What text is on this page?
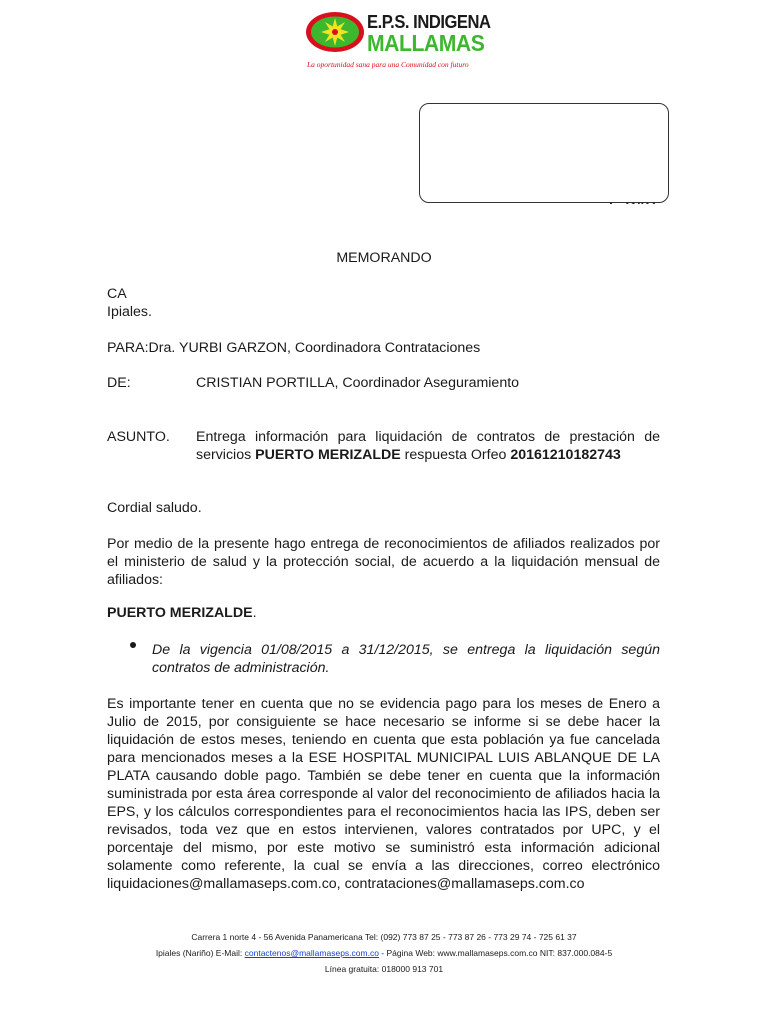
E.P.S. INDIGENA
MALLAMAS
La oportunidad sana para una Comunidad con futuro
MEMORANDO
CA
Ipiales.
PARA:Dra. YURBI GARZON, Coordinadora Contrataciones
DE:	CRISTIAN PORTILLA, Coordinador Aseguramiento
ASUNTO. Entrega información para liquidación de contratos de prestación de
servicios PUERTO MERIZALDE respuesta Orfeo 20161210182743
Cordial saludo.
Por medio de la presente hago entrega de reconocimientos de afiliados realizados por el ministerio de salud y la protección social, de acuerdo a la liquidación mensual de afiliados:
PUERTO MERIZALDE.
De la vigencia 01/08/2015 a 31/12/2015, se entrega la liquidación según contratos de administración.
Es importante tener en cuenta que no se evidencia pago para los meses de Enero a Julio de 2015, por consiguiente se hace necesario se informe si se debe hacer la liquidación de estos meses, teniendo en cuenta que esta población ya fue cancelada para mencionados meses a la ESE HOSPITAL MUNICIPAL LUIS ABLANQUE DE LA PLATA causando doble pago. También se debe tener en cuenta que la información suministrada por esta área corresponde al valor del reconocimiento de afiliados hacia la EPS, y los cálculos correspondientes para el reconocimientos hacia las IPS, deben ser revisados, toda vez que en estos intervienen, valores contratados por UPC, y el porcentaje del mismo, por este motivo se suministró esta información adicional solamente como referente, la cual se envía a las direcciones, correo electrónico liquidaciones@mallamaseps.com.co, contrataciones@mallamaseps.com.co
Carrera 1 norte 4 - 56 Avenida Panamericana Tel: (092) 773 87 25 - 773 87 26 - 773 29 74 - 725 61 37
Ipiales (Nariño) E-Mail: contactenos@mallamaseps.com.co - Página Web: www.mallamaseps.com.co NIT: 837.000.084-5
Línea gratuita: 018000 913 701
